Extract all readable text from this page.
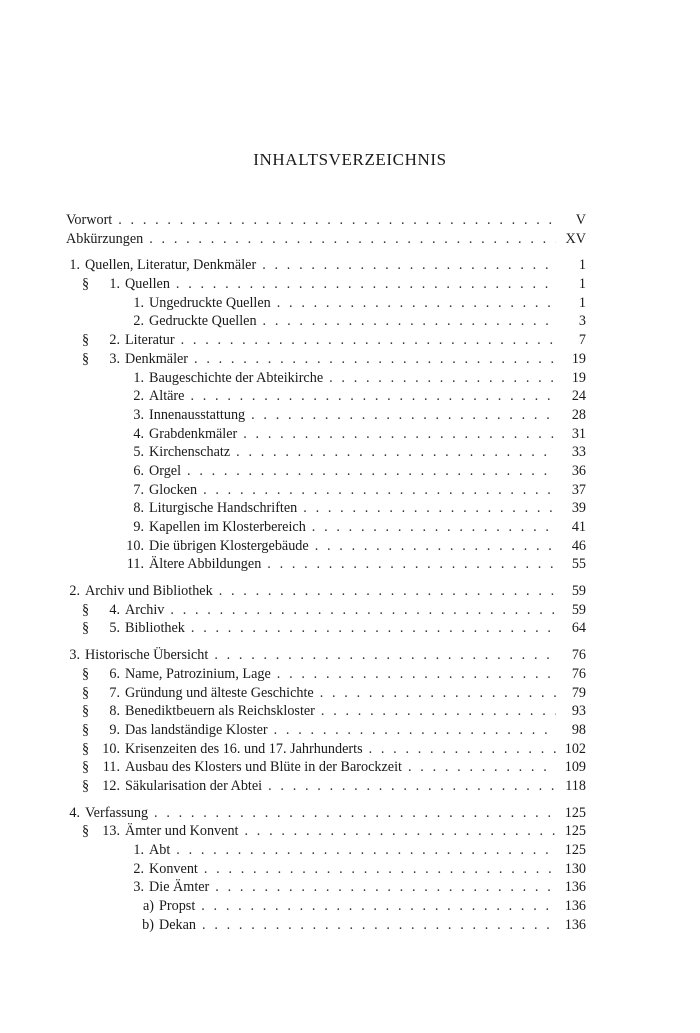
INHALTSVERZEICHNIS
Vorwort . . .	V
Abkürzungen . . .	XV
1. Quellen, Literatur, Denkmäler . . .	1
§	1. Quellen . . .	1
1. Ungedruckte Quellen . . .	1
2. Gedruckte Quellen . . .	3
§	2. Literatur . . .	7
§	3. Denkmäler . . .	19
1. Baugeschichte der Abteikirche . . .	19
2. Altäre . . .	24
3. Innenausstattung . . .	28
4. Grabdenkmäler . . .	31
5. Kirchenschatz . . .	33
6. Orgel . . .	36
7. Glocken . . .	37
8. Liturgische Handschriften . . .	39
9. Kapellen im Klosterbereich . . .	41
10. Die übrigen Klostergebäude . . .	46
11. Ältere Abbildungen . . .	55
2. Archiv und Bibliothek . . .	59
§	4. Archiv . . .	59
§	5. Bibliothek . . .	64
3. Historische Übersicht . . .	76
§	6. Name, Patrozinium, Lage . . .	76
§	7. Gründung und älteste Geschichte . . .	79
§	8. Benediktbeuern als Reichskloster . . .	93
§	9. Das landständige Kloster . . .	98
§ 10. Krisenzeiten des 16. und 17. Jahrhunderts . . .	102
§ 11. Ausbau des Klosters und Blüte in der Barockzeit . . .	109
§ 12. Säkularisation der Abtei . . .	118
4. Verfassung . . .	125
§ 13. Ämter und Konvent . . .	125
1. Abt . . .	125
2. Konvent . . .	130
3. Die Ämter . . .	136
a) Propst . . .	136
b) Dekan . . .	136
